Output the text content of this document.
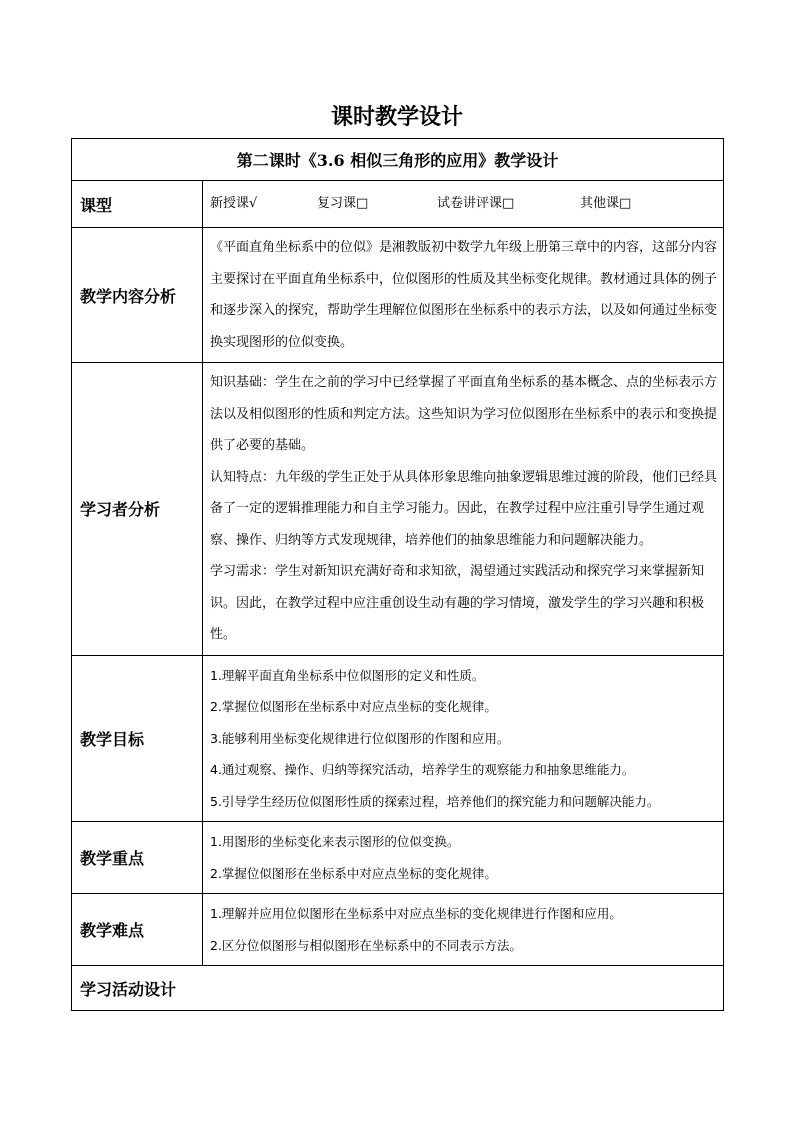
课时教学设计
第二课时《3.6 相似三角形的应用》教学设计	
课型	新授课√ 复习课□ 试卷讲评课□ 其他课□

教学内容分析	《平面直角坐标系中的位似》是湘教版初中数学九年级上册第三章中的内容，这部分内容主要探讨在平面直角坐标系中，位似图形的性质及其坐标变化规律。教材通过具体的例子和逐步深入的探究，帮助学生理解位似图形在坐标系中的表示方法，以及如何通过坐标变换实现图形的位似变换。

学习者分析	知识基础：学生在之前的学习中已经掌握了平面直角坐标系的基本概念、点的坐标表示方法以及相似图形的性质和判定方法。这些知识为学习位似图形在坐标系中的表示和变换提供了必要的基础。

认知特点：九年级的学生正处于从具体形象思维向抽象逻辑思维过渡的阶段，他们已经具备了一定的逻辑推理能力和自主学习能力。因此，在教学过程中应注重引导学生通过观察、操作、归纳等方式发现规律，培养他们的抽象思维能力和问题解决能力。

学习需求：学生对新知识充满好奇和求知欲，渴望通过实践活动和探究学习来掌握新知识。因此，在教学过程中应注重创设生动有趣的学习情境，激发学生的学习兴趣和积极性。

教学目标	1.理解平面直角坐标系中位似图形的定义和性质。
2.掌握位似图形在坐标系中对应点坐标的变化规律。
3.能够利用坐标变化规律进行位似图形的作图和应用。
4.通过观察、操作、归纳等探究活动，培养学生的观察能力和抽象思维能力。
5.引导学生经历位似图形性质的探索过程，培养他们的探究能力和问题解决能力。

教学重点	1.用图形的坐标变化来表示图形的位似变换。
2.掌握位似图形在坐标系中对应点坐标的变化规律。

教学难点	1.理解并应用位似图形在坐标系中对应点坐标的变化规律进行作图和应用。
2.区分位似图形与相似图形在坐标系中的不同表示方法。

学习活动设计	
